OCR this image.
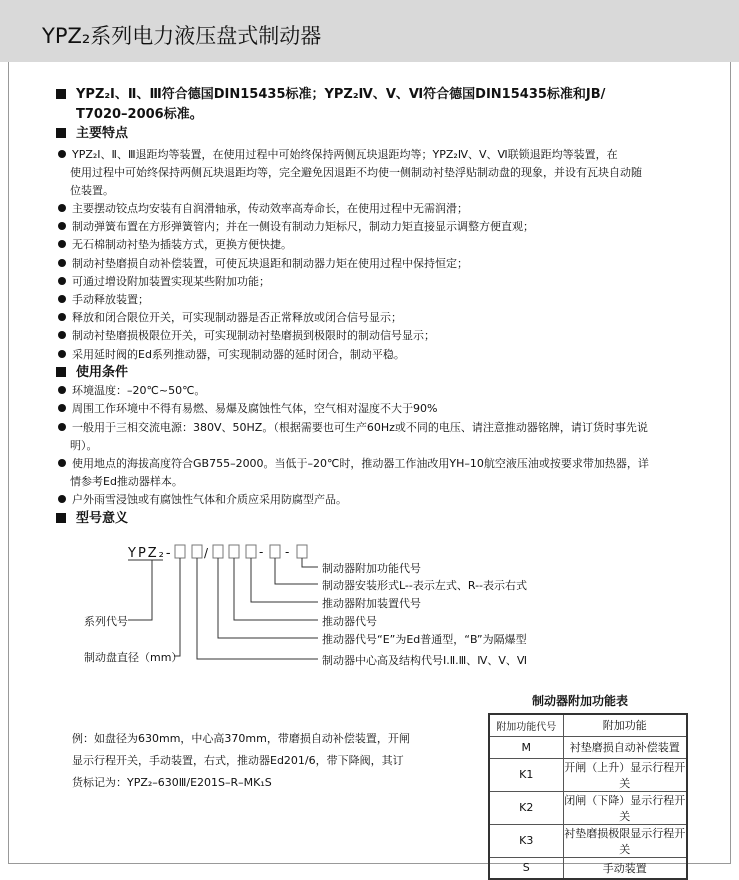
YPZ₂系列电力液压盘式制动器
YPZ₂Ⅰ、Ⅱ、Ⅲ符合德国DIN15435标准；YPZ₂Ⅳ、Ⅴ、Ⅵ符合德国DIN15435标准和JB/
T7020–2006标准。
主要特点
YPZ₂Ⅰ、Ⅱ、Ⅲ退距均等装置，在使用过程中可始终保持两侧瓦块退距均等；YPZ₂Ⅳ、Ⅴ、Ⅵ联锁退距均等装置，在
使用过程中可始终保持两侧瓦块退距均等，完全避免因退距不均使一侧制动衬垫浮贴制动盘的现象，并设有瓦块自动随
位装置。
主要摆动铰点均安装有自润滑轴承，传动效率高寿命长，在使用过程中无需润滑；
制动弹簧布置在方形弹簧管内；并在一侧设有制动力矩标尺，制动力矩直接显示调整方便直观；
无石棉制动衬垫为插装方式，更换方便快捷。
制动衬垫磨损自动补偿装置，可使瓦块退距和制动器力矩在使用过程中保持恒定；
可通过增设附加装置实现某些附加功能；
手动释放装置；
释放和闭合限位开关，可实现制动器是否正常释放或闭合信号显示；
制动衬垫磨损极限位开关，可实现制动衬垫磨损到极限时的制动信号显示；
采用延时阀的Ed系列推动器，可实现制动器的延时闭合，制动平稳。
环境温度：–20℃~50℃。
周围工作环境中不得有易燃、易爆及腐蚀性气体，空气相对湿度不大于90%
一般用于三相交流电源：380V、50HZ。（根据需要也可生产60Hz或不同的电压、请注意推动器铭牌，请订货时事先说
明）。
使用地点的海拔高度符合GB755–2000。当低于–20℃时，推动器工作油改用YH–10航空液压油或按要求带加热器，详
情参考Ed推动器样本。
户外雨雪浸蚀或有腐蚀性气体和介质应采用防腐型产品。
使用条件
型号意义
YPZ₂-	/	- -
制动器附加功能代号
制动器安装形式L--表示左式、R--表示右式
推动器附加装置代号
推动器代号
推动器代号“E”为Ed普通型，“B”为隔爆型
制动器中心高及结构代号Ⅰ.Ⅱ.Ⅲ、Ⅳ、Ⅴ、Ⅵ
系列代号
制动盘直径（mm）
例：如盘径为630mm，中心高370mm，带磨损自动补偿装置，开闸
显示行程开关，手动装置，右式，推动器Ed201/6，带下降阀，其订
货标记为：YPZ₂–630Ⅲ/E201S–R–MK₁S
制动器附加功能表
附加功能代号	附加功能
M	衬垫磨损自动补偿装置
K1	开闸（上升）显示行程开关
K2	闭闸（下降）显示行程开关
K3	衬垫磨损极限显示行程开关
S	手动装置
